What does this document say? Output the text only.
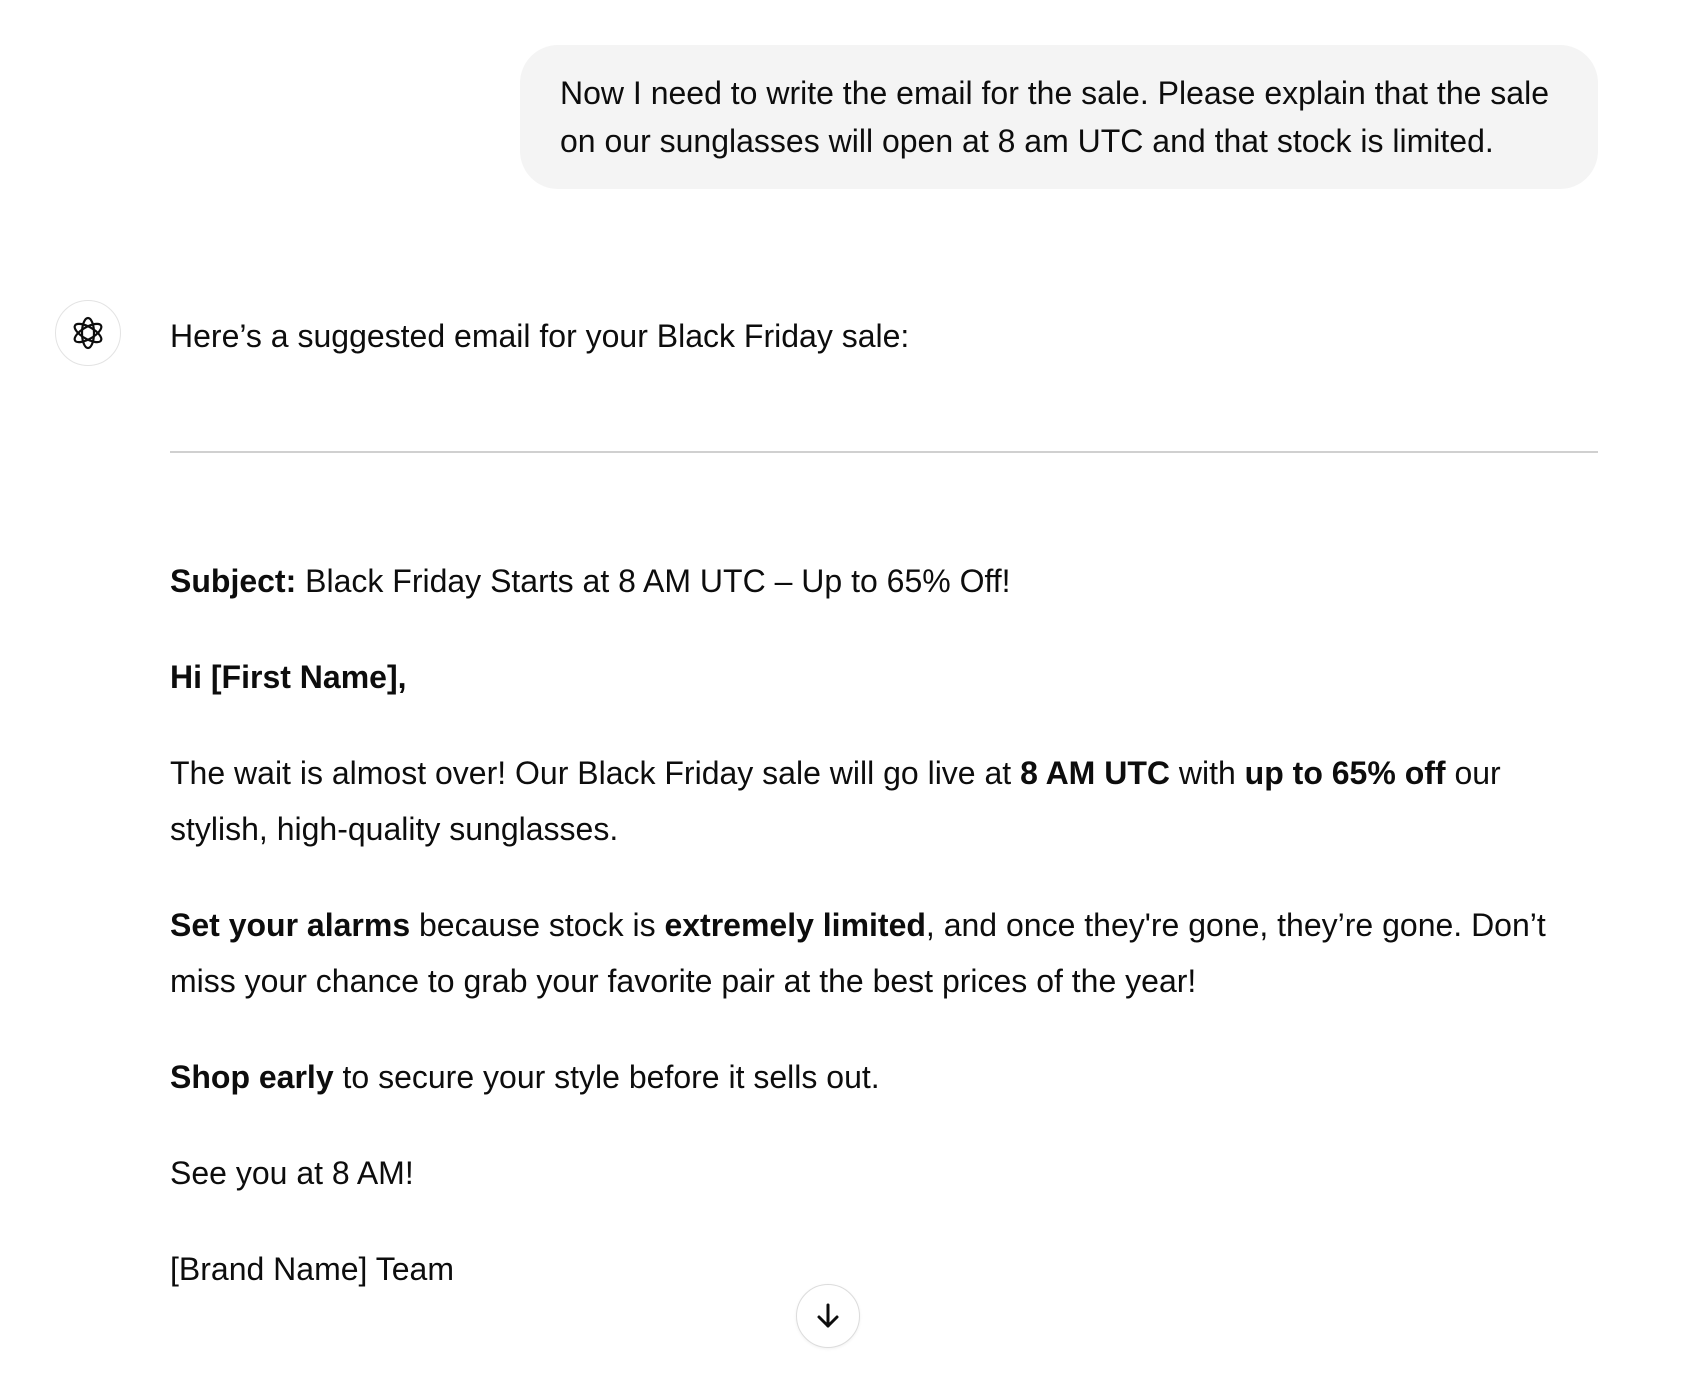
Now I need to write the email for the sale. Please explain that the sale on our sunglasses will open at 8 am UTC and that stock is limited.

Here’s a suggested email for your Black Friday sale:

Subject: Black Friday Starts at 8 AM UTC – Up to 65% Off!

Hi [First Name],

The wait is almost over! Our Black Friday sale will go live at 8 AM UTC with up to 65% off our stylish, high-quality sunglasses.

Set your alarms because stock is extremely limited, and once they're gone, they’re gone. Don’t miss your chance to grab your favorite pair at the best prices of the year!

Shop early to secure your style before it sells out.

See you at 8 AM!

[Brand Name] Team
